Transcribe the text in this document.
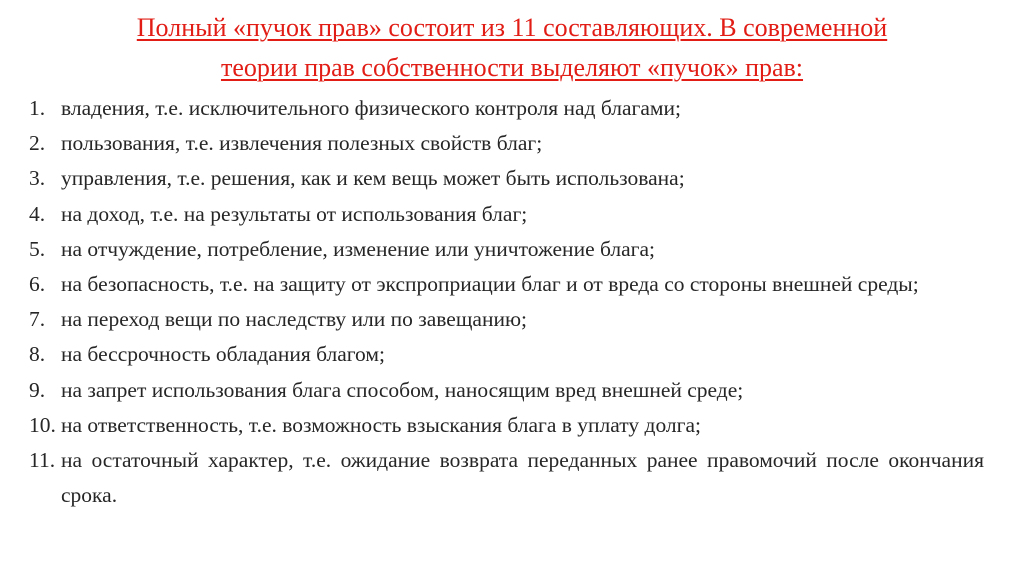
Полный «пучок прав» состоит из 11 составляющих. В современной
теории прав собственности выделяют «пучок» прав:
1. владения, т.е. исключительного физического контроля над благами;
2. пользования, т.е. извлечения полезных свойств благ;
3. управления, т.е. решения, как и кем вещь может быть использована;
4. на доход, т.е. на результаты от использования благ;
5. на отчуждение, потребление, изменение или уничтожение блага;
6. на безопасность, т.е. на защиту от экспроприации благ и от вреда со стороны внешней среды;
7. на переход вещи по наследству или по завещанию;
8. на бессрочность обладания благом;
9. на запрет использования блага способом, наносящим вред внешней среде;
10. на ответственность, т.е. возможность взыскания блага в уплату долга;
11. на остаточный характер, т.е. ожидание возврата переданных ранее правомочий после окончания срока.
